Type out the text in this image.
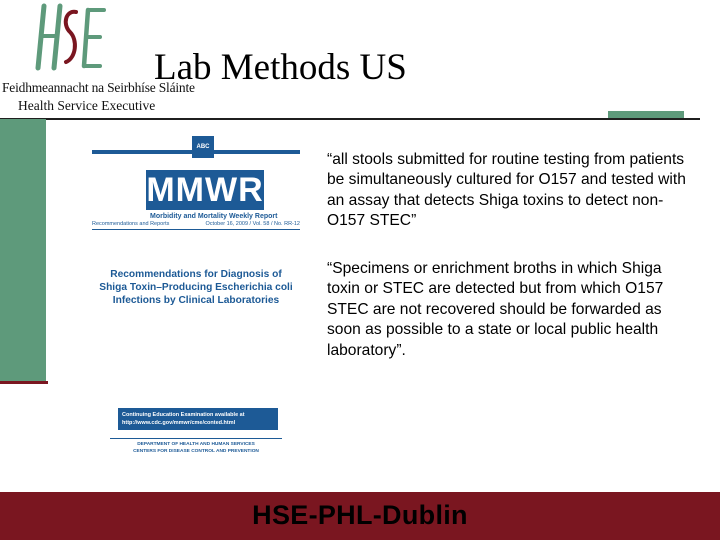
Feidhmeannacht na Seirbhíse Sláinte
Health Service Executive
Lab Methods US
ABC
MMWR
Morbidity and Mortality Weekly Report
Recommendations and Reports	October 16, 2009 / Vol. 58 / No. RR-12
Recommendations for Diagnosis of Shiga Toxin–Producing Escherichia coli Infections by Clinical Laboratories
Continuing Education Examination available at
http://www.cdc.gov/mmwr/cme/conted.html
DEPARTMENT OF HEALTH AND HUMAN SERVICES
CENTERS FOR DISEASE CONTROL AND PREVENTION
“all stools submitted for routine testing from patients be simultaneously cultured for O157 and tested with an assay that detects Shiga toxins to detect non-O157 STEC”
“Specimens or enrichment broths in which Shiga toxin or STEC are detected but from which O157 STEC are not recovered should be forwarded as soon as possible to a state or local public health laboratory”.
HSE-PHL-Dublin
